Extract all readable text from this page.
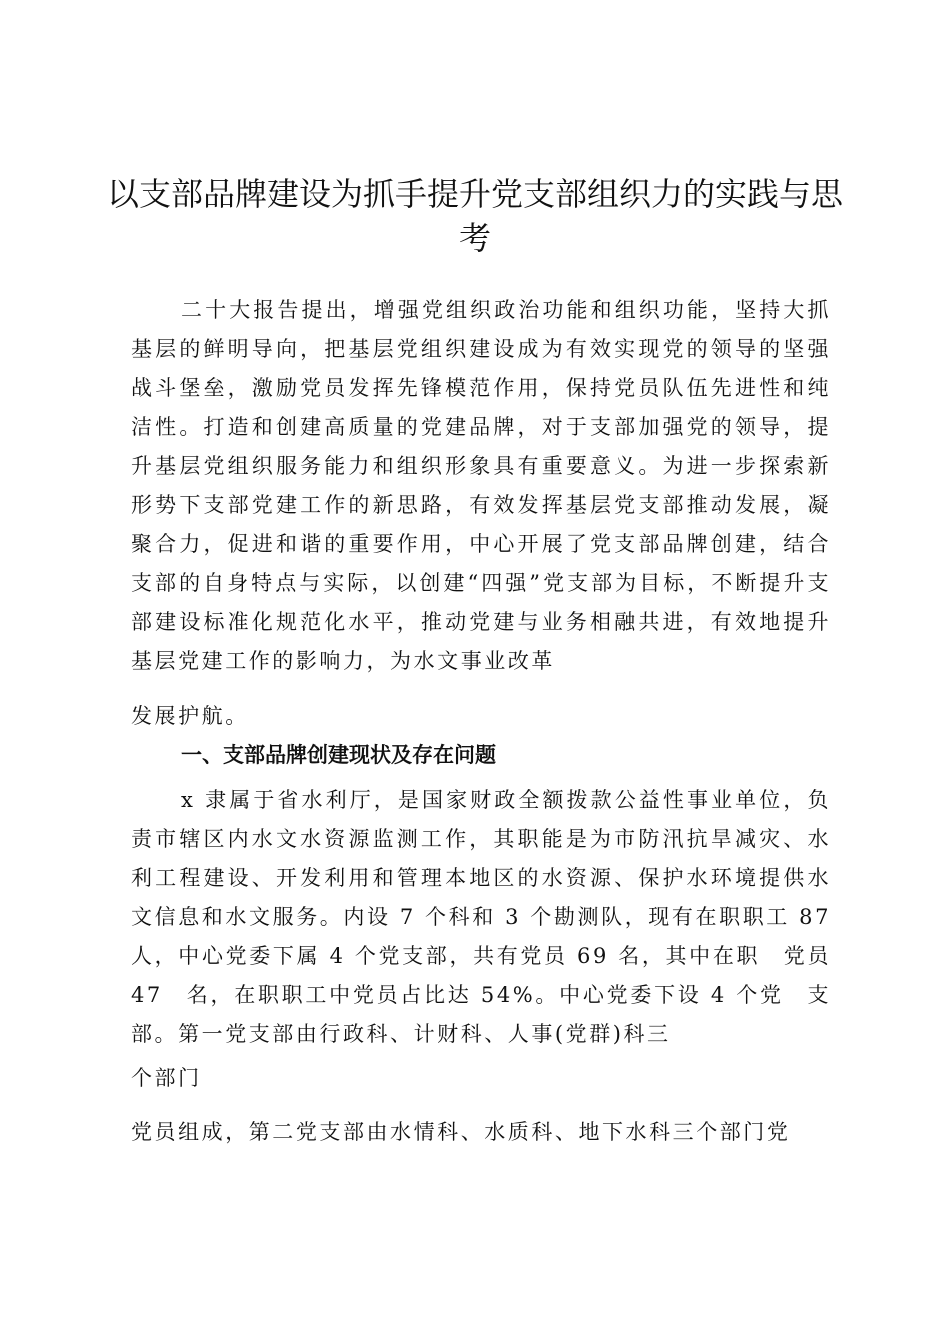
以支部品牌建设为抓手提升党支部组织力的实践与思考

二十大报告提出，增强党组织政治功能和组织功能，坚持大抓基层的鲜明导向，把基层党组织建设成为有效实现党的领导的坚强战斗堡垒，激励党员发挥先锋模范作用，保持党员队伍先进性和纯洁性。打造和创建高质量的党建品牌，对于支部加强党的领导，提升基层党组织服务能力和组织形象具有重要意义。为进一步探索新形势下支部党建工作的新思路，有效发挥基层党支部推动发展，凝聚合力，促进和谐的重要作用，中心开展了党支部品牌创建，结合支部的自身特点与实际，以创建“四强”党支部为目标，不断提升支部建设标准化规范化水平，推动党建与业务相融共进，有效地提升基层党建工作的影响力，为水文事业改革

发展护航。

一、支部品牌创建现状及存在问题

x 隶属于省水利厅，是国家财政全额拨款公益性事业单位，负责市辖区内水文水资源监测工作，其职能是为市防汛抗旱减灾、水利工程建设、开发利用和管理本地区的水资源、保护水环境提供水文信息和水文服务。内设 7 个科和 3 个勘测队，现有在职职工 87 人，中心党委下属 4 个党支部，共有党员 69 名，其中在职　党员 47　名，在职职工中党员占比达 54%。中心党委下设 4 个党　支部。第一党支部由行政科、计财科、人事(党群)科三

个部门

党员组成，第二党支部由水情科、水质科、地下水科三个部门党
